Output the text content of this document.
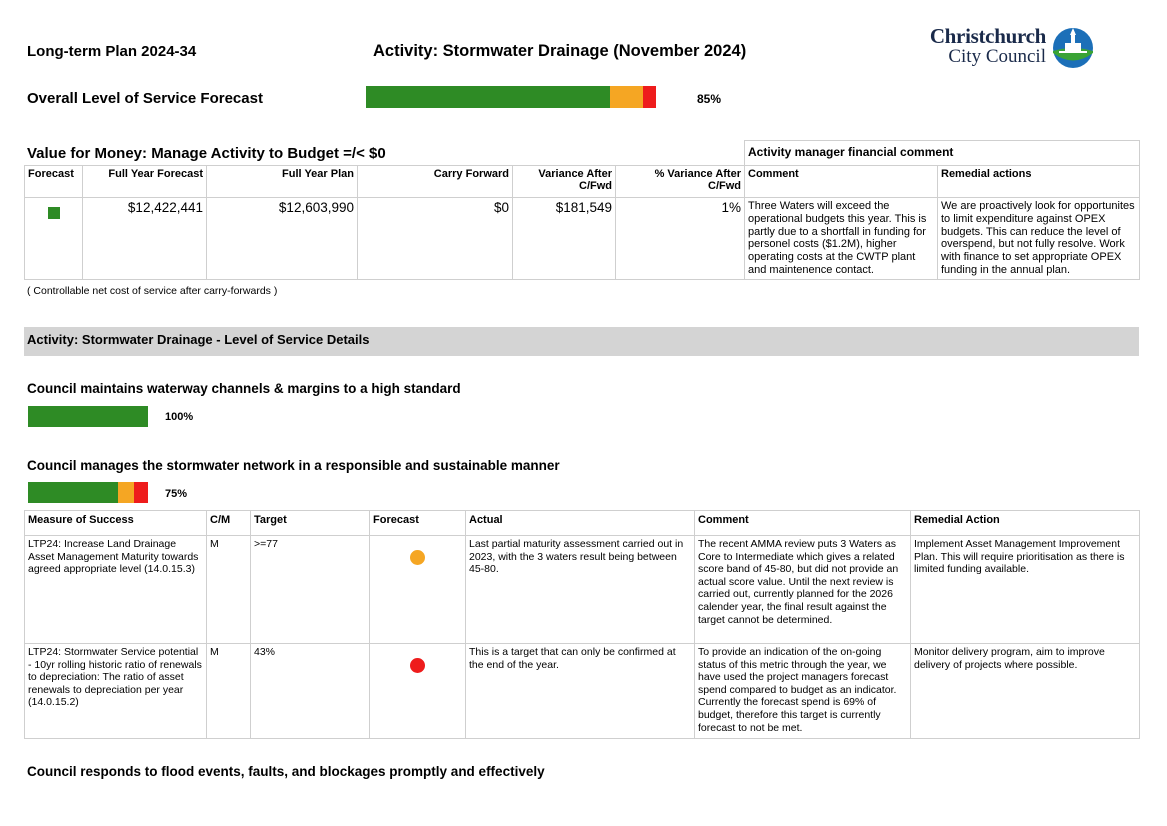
Long-term Plan 2024-34	Activity: Stormwater Drainage (November 2024)
Christchurch
City Council
Overall Level of Service Forecast	85%
						Activity manager financial comment	
Forecast	Full Year Forecast	Full Year Plan	Carry Forward	Variance After C/Fwd	% Variance After C/Fwd	Comment	Remedial actions
	$12,422,441	$12,603,990	$0	$181,549	1%	Three Waters will exceed the operational budgets this year. This is partly due to a shortfall in funding for personel costs ($1.2M), higher operating costs at the CWTP plant and maintenence contact.	We are proactively look for opportunites to limit expenditure against OPEX budgets. This can reduce the level of overspend, but not fully resolve. Work with finance to set appropriate OPEX funding in the annual plan.
Value for Money: Manage Activity to Budget =/< $0
( Controllable net cost of service after carry-forwards )
Activity: Stormwater Drainage - Level of Service Details
Council maintains waterway channels & margins to a high standard
100%
Council manages the stormwater network in a responsible and sustainable manner
75%
Measure of Success	C/M	Target	Forecast	Actual	Comment	Remedial Action
LTP24: Increase Land Drainage Asset Management Maturity towards agreed appropriate level (14.0.15.3)	M	>=77		Last partial maturity assessment carried out in 2023, with the 3 waters result being between 45-80.	The recent AMMA review puts 3 Waters as Core to Intermediate which gives a related score band of 45-80, but did not provide an actual score value. Until the next review is carried out, currently planned for the 2026 calender year, the final result against the target cannot be determined.	Implement Asset Management Improvement Plan. This will require prioritisation as there is limited funding available.
LTP24: Stormwater Service potential - 10yr rolling historic ratio of renewals to depreciation: The ratio of asset renewals to depreciation per year (14.0.15.2)	M	43%		This is a target that can only be confirmed at the end of the year.	To provide an indication of the on-going status of this metric through the year, we have used the project managers forecast spend compared to budget as an indicator. Currently the forecast spend is 69% of budget, therefore this target is currently forecast to not be met.	Monitor delivery program, aim to improve delivery of projects where possible.
Council responds to flood events, faults, and blockages promptly and effectively
